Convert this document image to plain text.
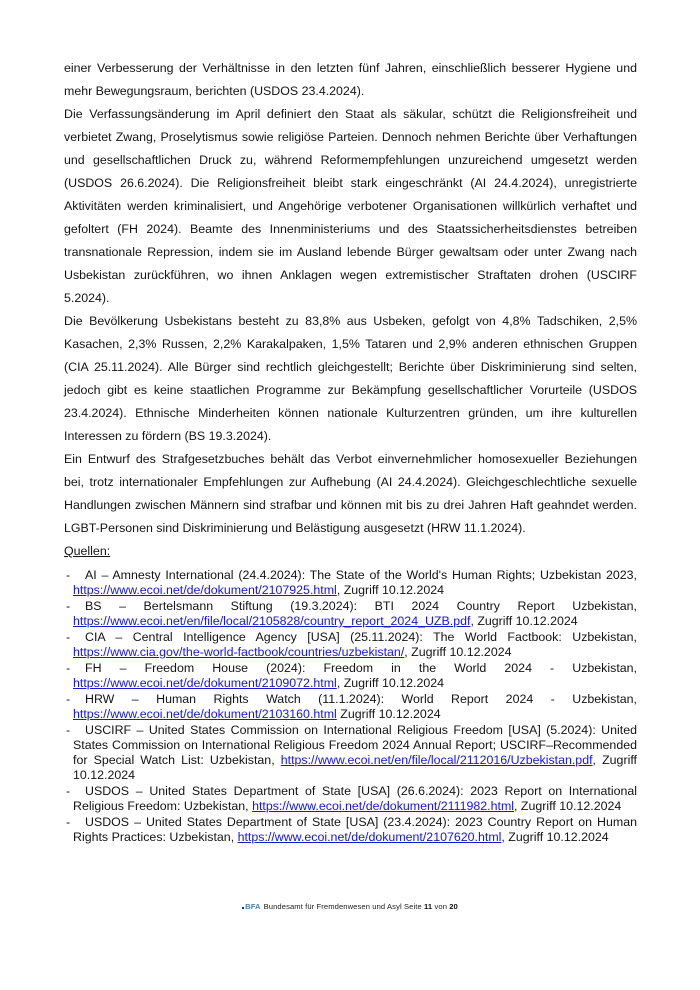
einer Verbesserung der Verhältnisse in den letzten fünf Jahren, einschließlich besserer Hygiene und mehr Bewegungsraum, berichten (USDOS 23.4.2024).

Die Verfassungsänderung im April definiert den Staat als säkular, schützt die Religionsfreiheit und verbietet Zwang, Proselytismus sowie religiöse Parteien. Dennoch nehmen Berichte über Verhaftungen und gesellschaftlichen Druck zu, während Reformempfehlungen unzureichend umgesetzt werden (USDOS 26.6.2024). Die Religionsfreiheit bleibt stark eingeschränkt (AI 24.4.2024), unregistrierte Aktivitäten werden kriminalisiert, und Angehörige verbotener Organisationen willkürlich verhaftet und gefoltert (FH 2024). Beamte des Innenministeriums und des Staatssicherheitsdienstes betreiben transnationale Repression, indem sie im Ausland lebende Bürger gewaltsam oder unter Zwang nach Usbekistan zurückführen, wo ihnen Anklagen wegen extremistischer Straftaten drohen (USCIRF 5.2024).

Die Bevölkerung Usbekistans besteht zu 83,8% aus Usbeken, gefolgt von 4,8% Tadschiken, 2,5% Kasachen, 2,3% Russen, 2,2% Karakalpaken, 1,5% Tataren und 2,9% anderen ethnischen Gruppen (CIA 25.11.2024). Alle Bürger sind rechtlich gleichgestellt; Berichte über Diskriminierung sind selten, jedoch gibt es keine staatlichen Programme zur Bekämpfung gesellschaftlicher Vorurteile (USDOS 23.4.2024). Ethnische Minderheiten können nationale Kulturzentren gründen, um ihre kulturellen Interessen zu fördern (BS 19.3.2024).

Ein Entwurf des Strafgesetzbuches behält das Verbot einvernehmlicher homosexueller Beziehungen bei, trotz internationaler Empfehlungen zur Aufhebung (AI 24.4.2024). Gleichgeschlechtliche sexuelle Handlungen zwischen Männern sind strafbar und können mit bis zu drei Jahren Haft geahndet werden. LGBT-Personen sind Diskriminierung und Belästigung ausgesetzt (HRW 11.1.2024).

Quellen:
- AI – Amnesty International (24.4.2024): The State of the World's Human Rights; Uzbekistan 2023, https://www.ecoi.net/de/dokument/2107925.html, Zugriff 10.12.2024
- BS – Bertelsmann Stiftung (19.3.2024): BTI 2024 Country Report Uzbekistan, https://www.ecoi.net/en/file/local/2105828/country_report_2024_UZB.pdf, Zugriff 10.12.2024
- CIA – Central Intelligence Agency [USA] (25.11.2024): The World Factbook: Uzbekistan, https://www.cia.gov/the-world-factbook/countries/uzbekistan/, Zugriff 10.12.2024
- FH – Freedom House (2024): Freedom in the World 2024 - Uzbekistan, https://www.ecoi.net/de/dokument/2109072.html, Zugriff 10.12.2024
- HRW – Human Rights Watch (11.1.2024): World Report 2024 - Uzbekistan, https://www.ecoi.net/de/dokument/2103160.html Zugriff 10.12.2024
- USCIRF – United States Commission on International Religious Freedom [USA] (5.2024): United States Commission on International Religious Freedom 2024 Annual Report; USCIRF–Recommended for Special Watch List: Uzbekistan, https://www.ecoi.net/en/file/local/2112016/Uzbekistan.pdf, Zugriff 10.12.2024
- USDOS – United States Department of State [USA] (26.6.2024): 2023 Report on International Religious Freedom: Uzbekistan, https://www.ecoi.net/de/dokument/2111982.html, Zugriff 10.12.2024
- USDOS – United States Department of State [USA] (23.4.2024): 2023 Country Report on Human Rights Practices: Uzbekistan, https://www.ecoi.net/de/dokument/2107620.html, Zugriff 10.12.2024
BFA Bundesamt für Fremdenwesen und Asyl Seite 11 von 20
